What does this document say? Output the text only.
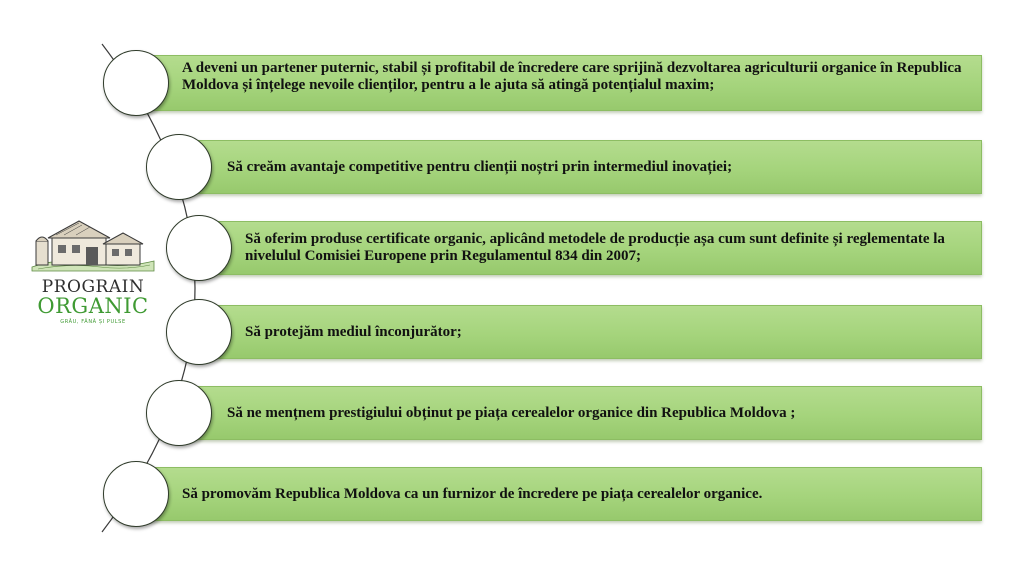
A deveni un partener puternic, stabil și profitabil de încredere care sprijină dezvoltarea agriculturii organice în Republica Moldova și înțelege nevoile clienților, pentru a le ajuta să atingă potențialul maxim;
Să creăm avantaje competitive pentru clienții noștri prin intermediul inovației;
Să oferim produse certificate organic, aplicând metodele de producție așa cum sunt definite și reglementate la nivelulul Comisiei Europene prin Regulamentul 834 din 2007;
Să protejăm mediul înconjurător;
Să ne mențnem prestigiului obținut pe piața cerealelor organice din Republica Moldova ;
Să promovăm Republica Moldova ca un furnizor de încredere pe piața cerealelor organice.
PROGRAIN
ORGANIC
GRÂU, FÂNĂ ȘI PULSE
